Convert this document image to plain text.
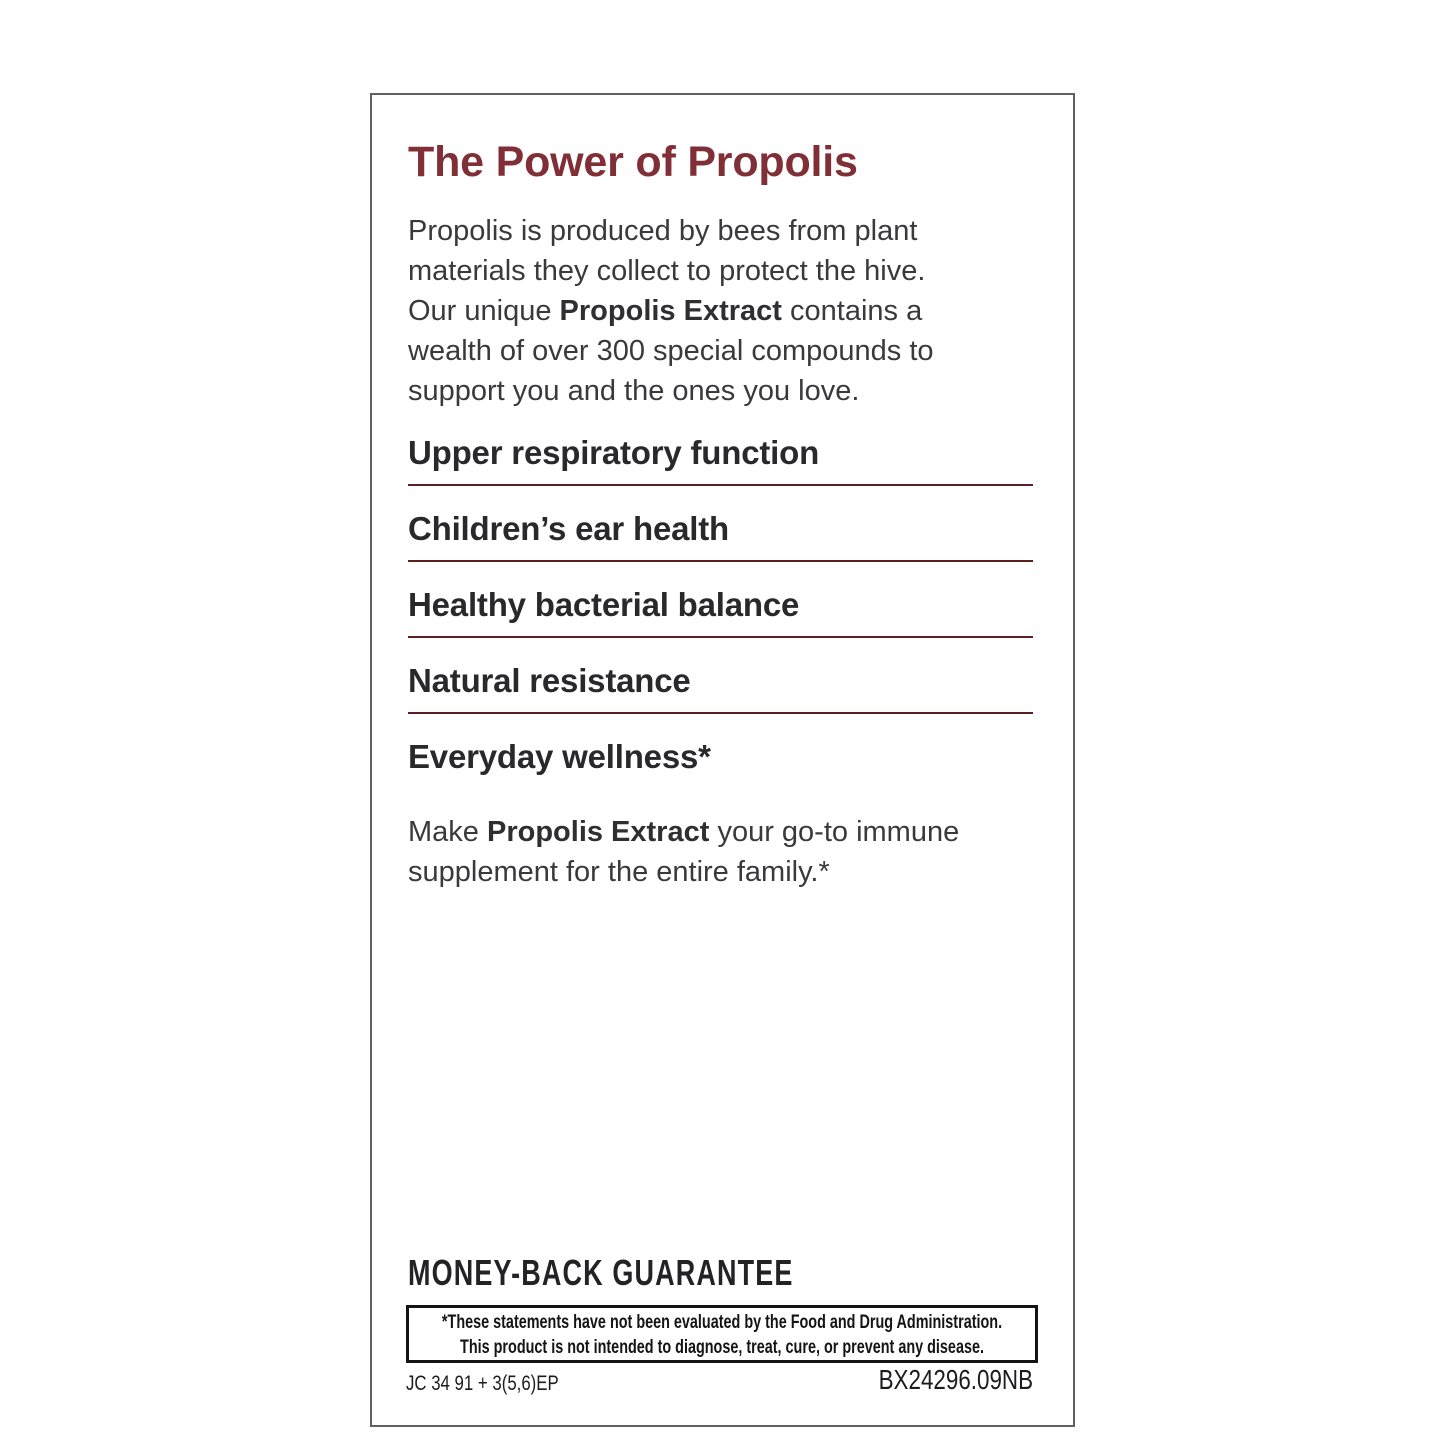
The Power of Propolis
Propolis is produced by bees from plant
materials they collect to protect the hive.
Our unique Propolis Extract contains a
wealth of over 300 special compounds to
support you and the ones you love.
Upper respiratory function
Children’s ear health
Healthy bacterial balance
Natural resistance
Everyday wellness*
Make Propolis Extract your go-to immune
supplement for the entire family.*
MONEY-BACK GUARANTEE
*These statements have not been evaluated by the Food and Drug Administration.
This product is not intended to diagnose, treat, cure, or prevent any disease.
JC 34 91 + 3(5,6)EP	BX24296.09NB
